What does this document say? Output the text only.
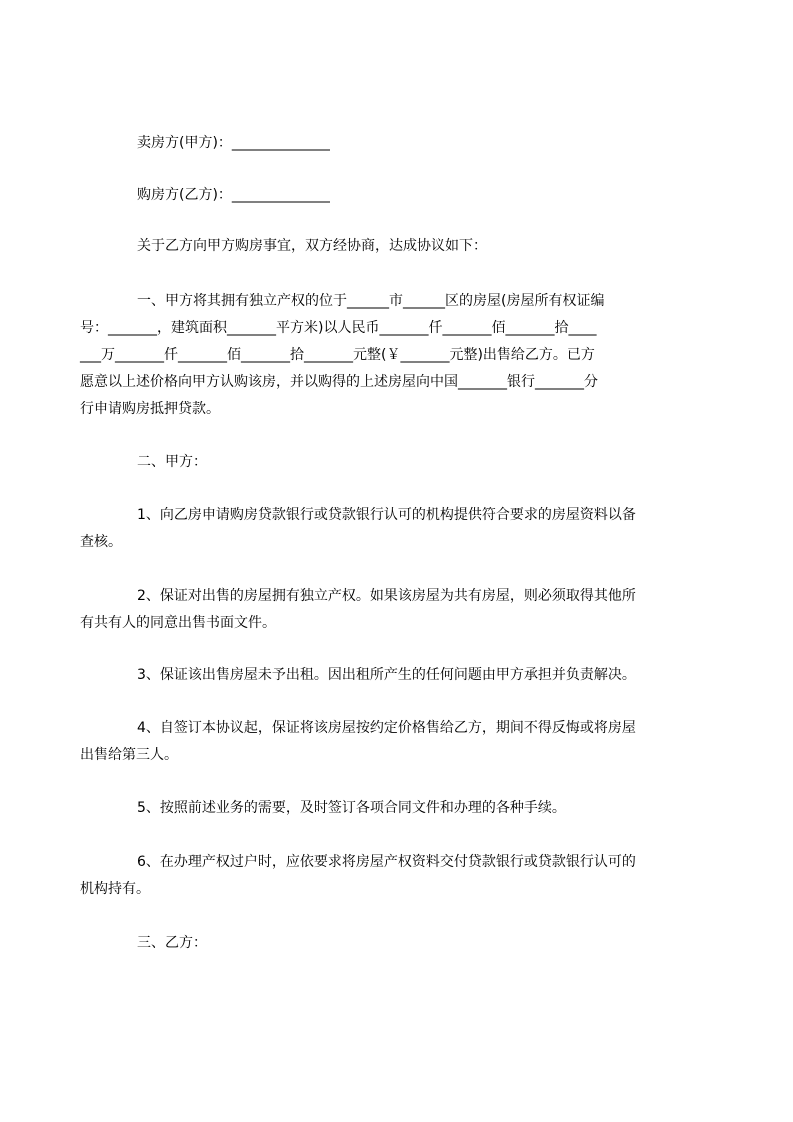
卖房方(甲方)：______________
购房方(乙方)：______________
关于乙方向甲方购房事宜，双方经协商，达成协议如下：
一、甲方将其拥有独立产权的位于______市______区的房屋(房屋所有权证编
号：_______，建筑面积_______平方米)以人民币_______仟_______佰_______拾____
___万_______仟_______佰_______拾_______元整(￥_______元整)出售给乙方。已方
愿意以上述价格向甲方认购该房，并以购得的上述房屋向中国_______银行_______分
行申请购房抵押贷款。
二、甲方：
1、向乙房申请购房贷款银行或贷款银行认可的机构提供符合要求的房屋资料以备
查核。
2、保证对出售的房屋拥有独立产权。如果该房屋为共有房屋，则必须取得其他所
有共有人的同意出售书面文件。
3、保证该出售房屋未予出租。因出租所产生的任何问题由甲方承担并负责解决。
4、自签订本协议起，保证将该房屋按约定价格售给乙方，期间不得反悔或将房屋
出售给第三人。
5、按照前述业务的需要，及时签订各项合同文件和办理的各种手续。
6、在办理产权过户时，应依要求将房屋产权资料交付贷款银行或贷款银行认可的
机构持有。
三、乙方：
